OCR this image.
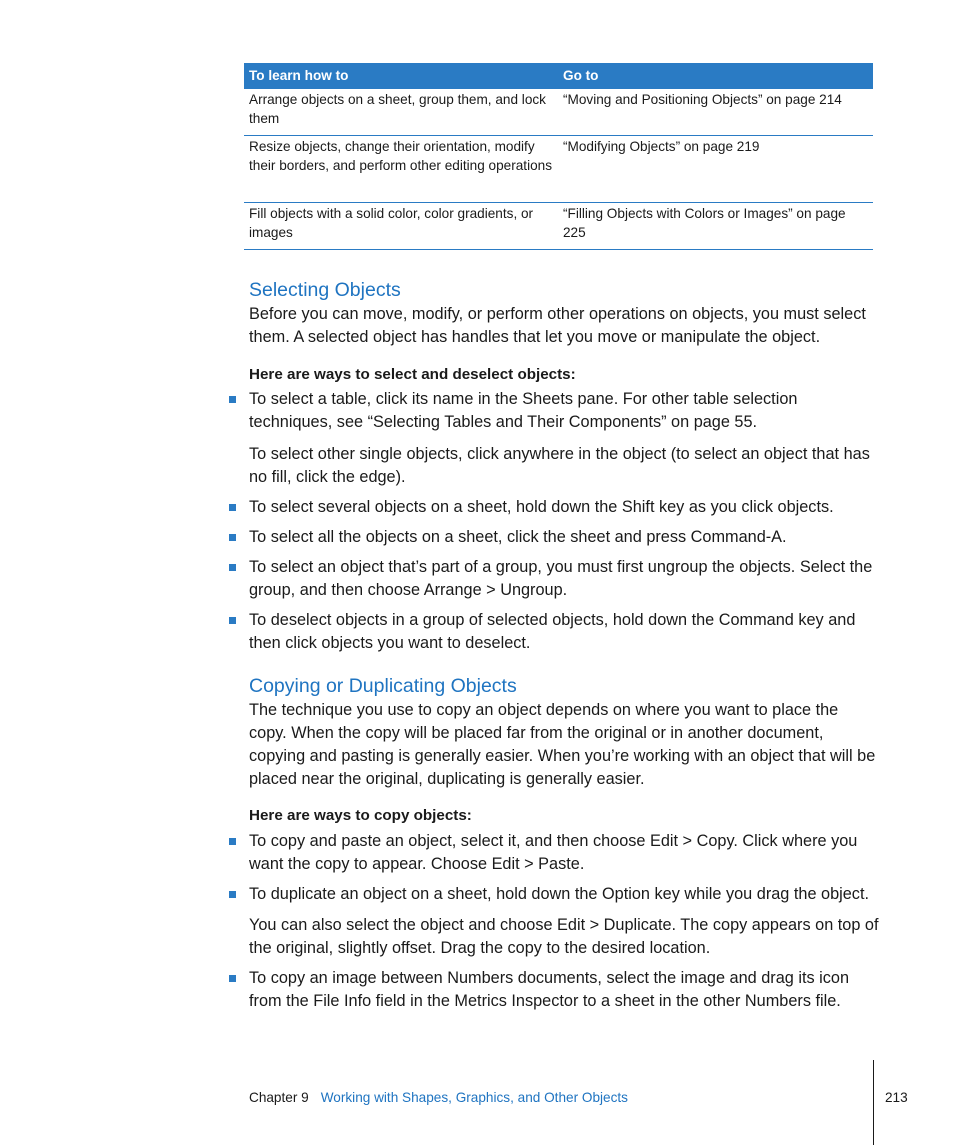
To learn how to	Go to
Arrange objects on a sheet, group them, and lock them	“Moving and Positioning Objects” on page 214
Resize objects, change their orientation, modify their borders, and perform other editing operations	“Modifying Objects” on page 219
Fill objects with a solid color, color gradients, or images	“Filling Objects with Colors or Images” on page 225
Selecting Objects

Before you can move, modify, or perform other operations on objects, you must select them. A selected object has handles that let you move or manipulate the object.

Here are ways to select and deselect objects:

To select a table, click its name in the Sheets pane. For other table selection techniques, see “Selecting Tables and Their Components” on page 55.

To select other single objects, click anywhere in the object (to select an object that has no fill, click the edge).

To select several objects on a sheet, hold down the Shift key as you click objects.

To select all the objects on a sheet, click the sheet and press Command-A.

To select an object that’s part of a group, you must first ungroup the objects. Select the group, and then choose Arrange > Ungroup.

To deselect objects in a group of selected objects, hold down the Command key and then click objects you want to deselect.

Copying or Duplicating Objects

The technique you use to copy an object depends on where you want to place the copy. When the copy will be placed far from the original or in another document, copying and pasting is generally easier. When you’re working with an object that will be placed near the original, duplicating is generally easier.

Here are ways to copy objects:

To copy and paste an object, select it, and then choose Edit > Copy. Click where you want the copy to appear. Choose Edit > Paste.

To duplicate an object on a sheet, hold down the Option key while you drag the object.

You can also select the object and choose Edit > Duplicate. The copy appears on top of the original, slightly offset. Drag the copy to the desired location.

To copy an image between Numbers documents, select the image and drag its icon from the File Info field in the Metrics Inspector to a sheet in the other Numbers file.

Chapter 9 Working with Shapes, Graphics, and Other Objects	213
